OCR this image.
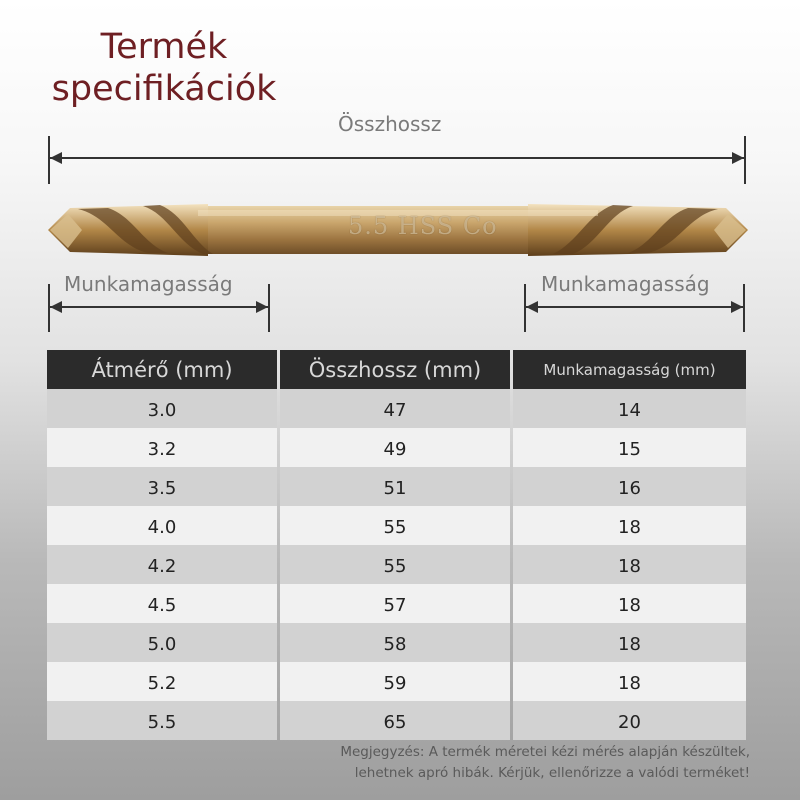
Termék
specifikációk
Összhossz
5.5 HSS Co
Munkamagasság	Munkamagasság
Átmérő (mm)	Összhossz (mm)	Munkamagasság (mm)
3.0	47	14
3.2	49	15
3.5	51	16
4.0	55	18
4.2	55	18
4.5	57	18
5.0	58	18
5.2	59	18
5.5	65	20
Megjegyzés: A termék méretei kézi mérés alapján készültek,
lehetnek apró hibák. Kérjük, ellenőrizze a valódi terméket!
